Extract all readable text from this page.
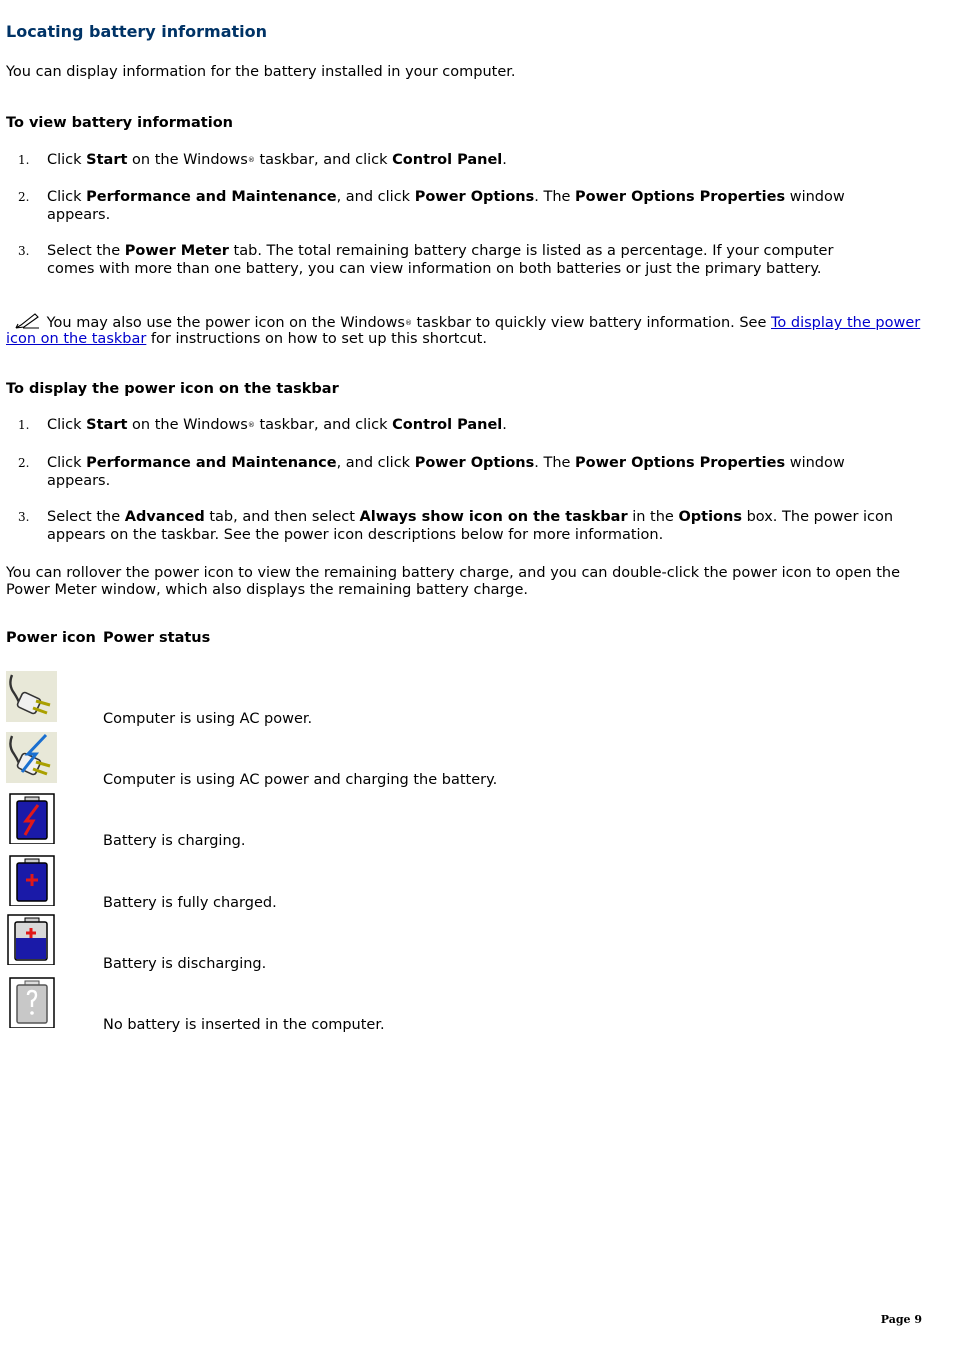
Locating battery information
You can display information for the battery installed in your computer.
To view battery information
1. Click Start on the Windows® taskbar, and click Control Panel.
2. Click Performance and Maintenance, and click Power Options. The Power Options Properties window
appears.
3. Select the Power Meter tab. The total remaining battery charge is listed as a percentage. If your computer
comes with more than one battery, you can view information on both batteries or just the primary battery.
You may also use the power icon on the Windows® taskbar to quickly view battery information. See To display the power icon on the taskbar for instructions on how to set up this shortcut.
To display the power icon on the taskbar
1. Click Start on the Windows® taskbar, and click Control Panel.
2. Click Performance and Maintenance, and click Power Options. The Power Options Properties window
appears.
3. Select the Advanced tab, and then select Always show icon on the taskbar in the Options box. The power icon
appears on the taskbar. See the power icon descriptions below for more information.
You can rollover the power icon to view the remaining battery charge, and you can double-click the power icon to open the Power Meter window, which also displays the remaining battery charge.
Power icon Power status
Computer is using AC power.
Computer is using AC power and charging the battery.
Battery is charging.
Battery is fully charged.
Battery is discharging.
No battery is inserted in the computer.
Page 9
